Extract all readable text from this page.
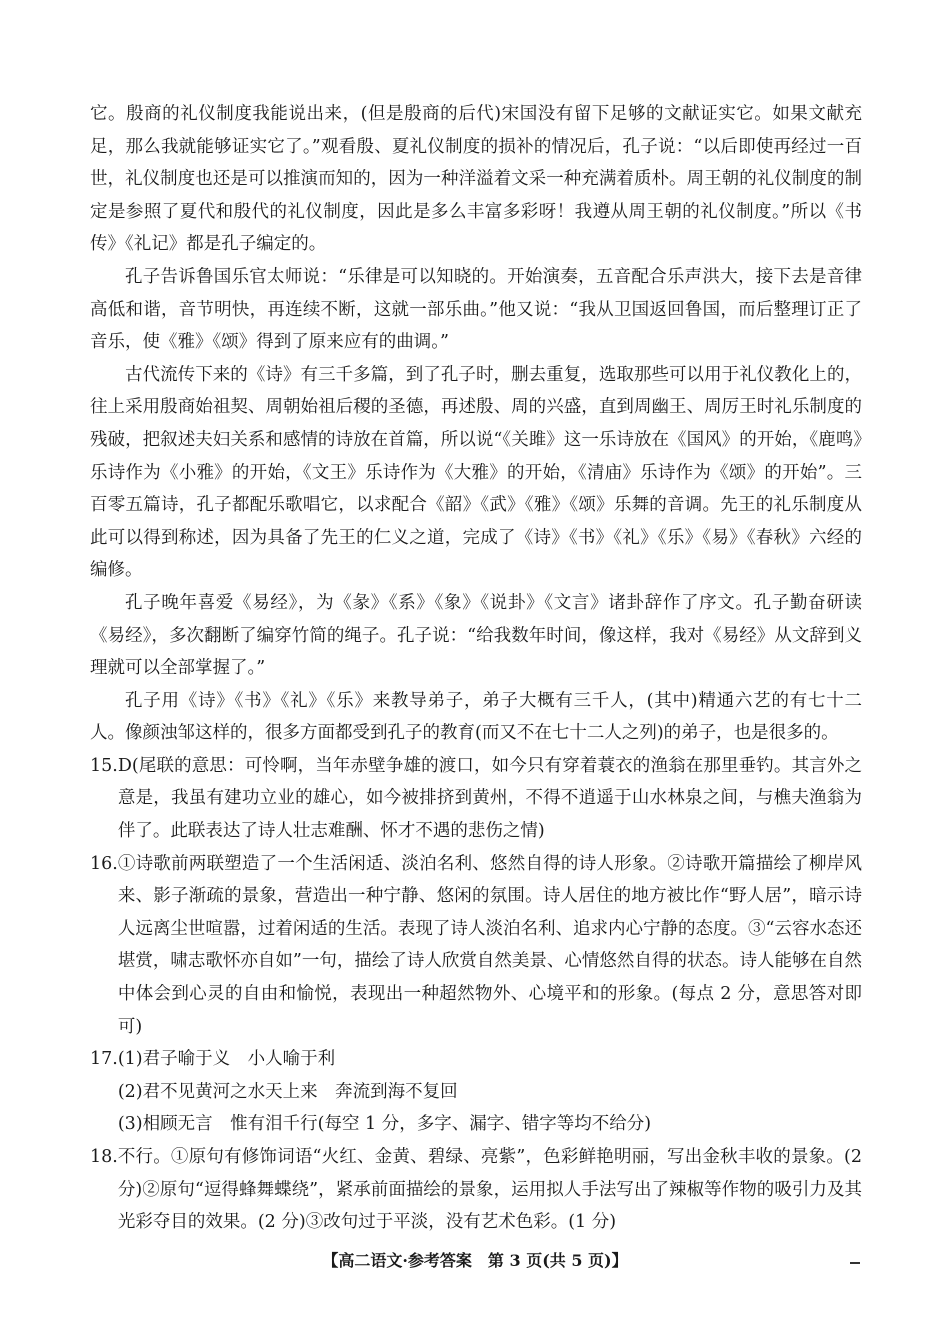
它。殷商的礼仪制度我能说出来，(但是殷商的后代)宋国没有留下足够的文献证实它。如果文献充足，那么我就能够证实它了。”观看殷、夏礼仪制度的损补的情况后，孔子说：“以后即使再经过一百世，礼仪制度也还是可以推演而知的，因为一种洋溢着文采一种充满着质朴。周王朝的礼仪制度的制定是参照了夏代和殷代的礼仪制度，因此是多么丰富多彩呀！我遵从周王朝的礼仪制度。”所以《书传》《礼记》都是孔子编定的。

孔子告诉鲁国乐官太师说：“乐律是可以知晓的。开始演奏，五音配合乐声洪大，接下去是音律高低和谐，音节明快，再连续不断，这就一部乐曲。”他又说：“我从卫国返回鲁国，而后整理订正了音乐，使《雅》《颂》得到了原来应有的曲调。”

古代流传下来的《诗》有三千多篇，到了孔子时，删去重复，选取那些可以用于礼仪教化上的，往上采用殷商始祖契、周朝始祖后稷的圣德，再述殷、周的兴盛，直到周幽王、周厉王时礼乐制度的残破，把叙述夫妇关系和感情的诗放在首篇，所以说“《关雎》这一乐诗放在《国风》的开始，《鹿鸣》乐诗作为《小雅》的开始，《文王》乐诗作为《大雅》的开始，《清庙》乐诗作为《颂》的开始”。三百零五篇诗，孔子都配乐歌唱它，以求配合《韶》《武》《雅》《颂》乐舞的音调。先王的礼乐制度从此可以得到称述，因为具备了先王的仁义之道，完成了《诗》《书》《礼》《乐》《易》《春秋》六经的编修。

孔子晚年喜爱《易经》，为《彖》《系》《象》《说卦》《文言》诸卦辞作了序文。孔子勤奋研读《易经》，多次翻断了编穿竹简的绳子。孔子说：“给我数年时间，像这样，我对《易经》从文辞到义理就可以全部掌握了。”

孔子用《诗》《书》《礼》《乐》来教导弟子，弟子大概有三千人，(其中)精通六艺的有七十二人。像颜浊邹这样的，很多方面都受到孔子的教育(而又不在七十二人之列)的弟子，也是很多的。

15. D(尾联的意思：可怜啊，当年赤壁争雄的渡口，如今只有穿着蓑衣的渔翁在那里垂钓。其言外之意是，我虽有建功立业的雄心，如今被排挤到黄州，不得不逍遥于山水林泉之间，与樵夫渔翁为伴了。此联表达了诗人壮志难酬、怀才不遇的悲伤之情)

16. ①诗歌前两联塑造了一个生活闲适、淡泊名利、悠然自得的诗人形象。②诗歌开篇描绘了柳岸风来、影子渐疏的景象，营造出一种宁静、悠闲的氛围。诗人居住的地方被比作“野人居”，暗示诗人远离尘世喧嚣，过着闲适的生活。表现了诗人淡泊名利、追求内心宁静的态度。③“云容水态还堪赏，啸志歌怀亦自如”一句，描绘了诗人欣赏自然美景、心情悠然自得的状态。诗人能够在自然中体会到心灵的自由和愉悦，表现出一种超然物外、心境平和的形象。(每点 2 分，意思答对即可)

17. (1)君子喻于义　小人喻于利

(2)君不见黄河之水天上来　奔流到海不复回

(3)相顾无言　惟有泪千行(每空 1 分，多字、漏字、错字等均不给分)

18. 不行。①原句有修饰词语“火红、金黄、碧绿、亮紫”，色彩鲜艳明丽，写出金秋丰收的景象。(2 分)②原句“逗得蜂舞蝶绕”，紧承前面描绘的景象，运用拟人手法写出了辣椒等作物的吸引力及其光彩夺目的效果。(2 分)③改句过于平淡，没有艺术色彩。(1 分)

【高二语文·参考答案　第 3 页(共 5 页)】
